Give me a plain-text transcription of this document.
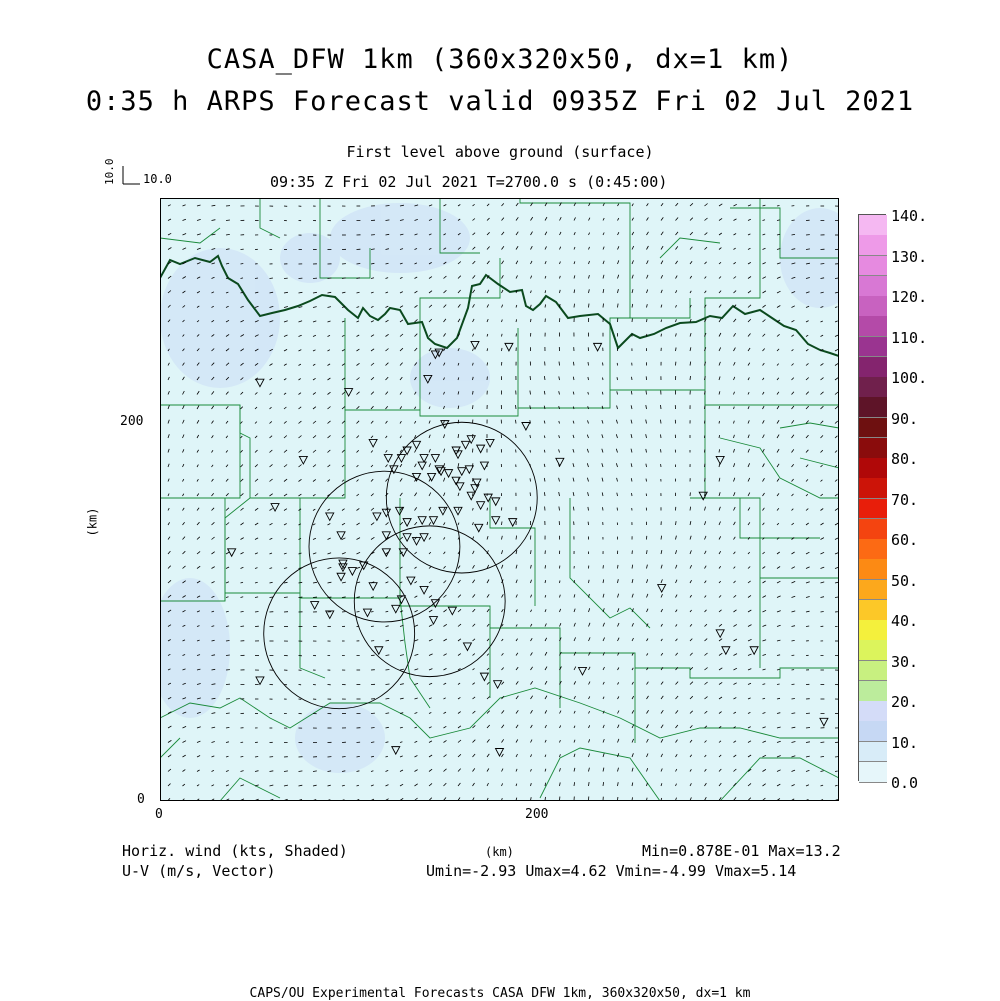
CASA_DFW 1km (360x320x50, dx=1 km)
0:35 h ARPS Forecast valid 0935Z Fri 02 Jul 2021
First level above ground (surface)
09:35 Z Fri 02 Jul 2021 T=2700.0 s (0:45:00)
10.0
10.0
(km)
200
0
0	200
(km)
140.
130.
120.
110.
100.
90.
80.
70.
60.
50.
40.
30.
20.
10.
0.0
Horiz. wind (kts, Shaded)
U-V (m/s, Vector)
Min=0.878E-01 Max=13.2
Umin=-2.93 Umax=4.62 Vmin=-4.99 Vmax=5.14
CAPS/OU Experimental Forecasts CASA DFW 1km, 360x320x50, dx=1 km
